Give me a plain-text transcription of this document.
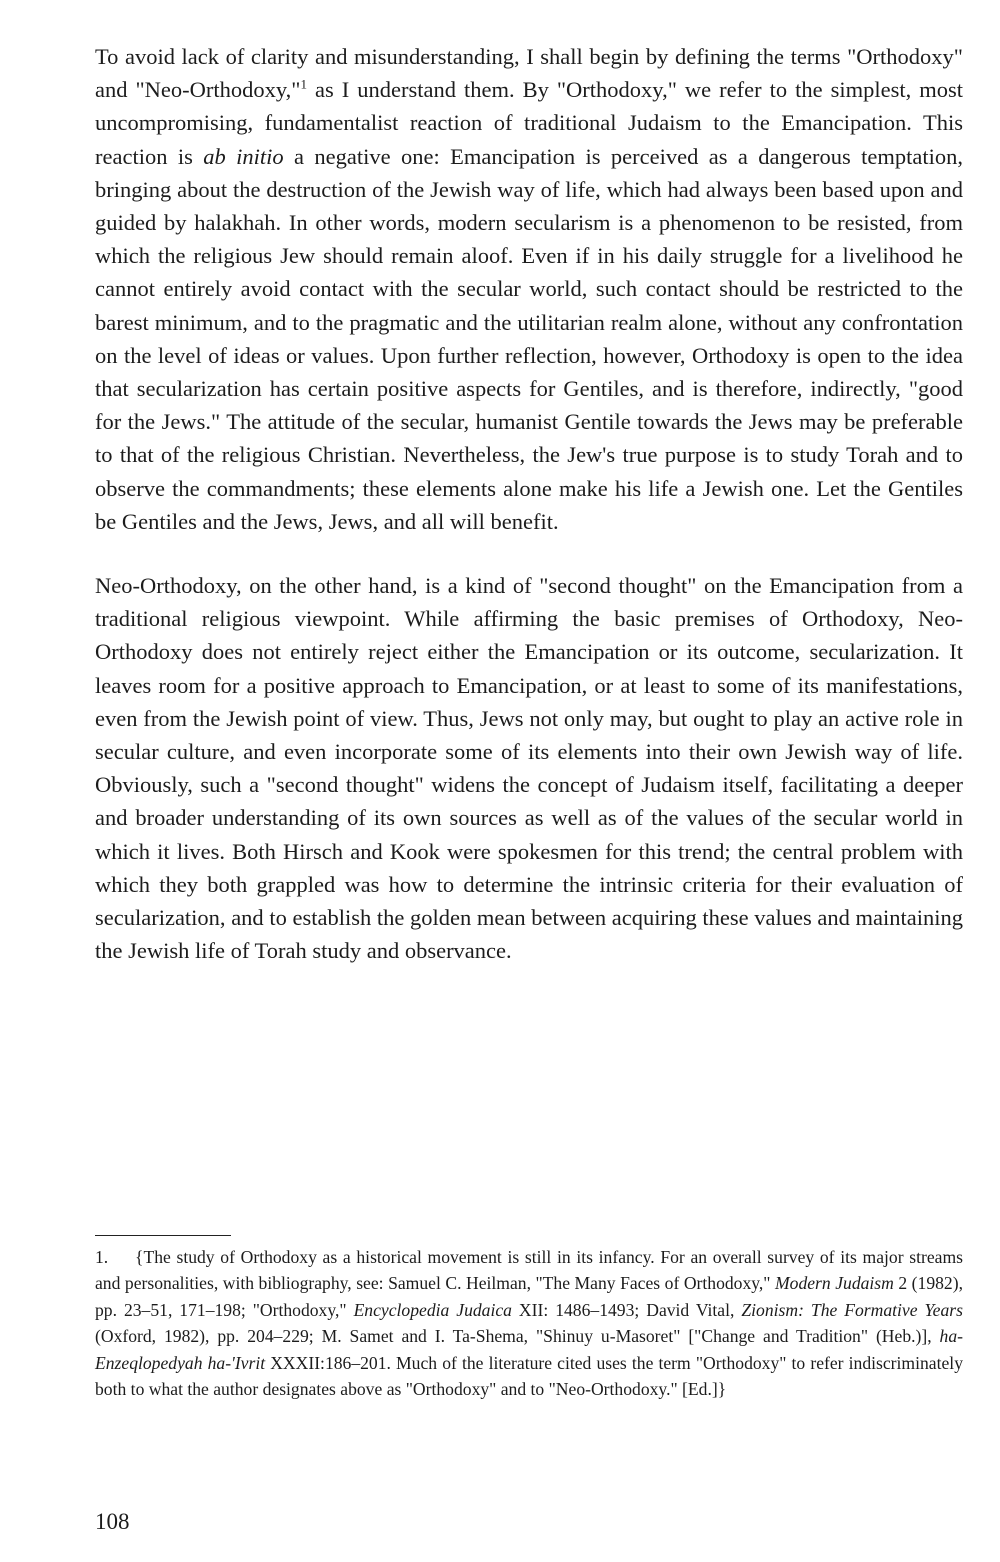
To avoid lack of clarity and misunderstanding, I shall begin by defining the terms "Orthodoxy" and "Neo-Orthodoxy,"$^1$ as I understand them. By "Orthodoxy," we refer to the simplest, most uncompromising, fundamentalist reaction of traditional Judaism to the Emancipation. This reaction is ab initio a negative one: Emancipation is perceived as a dangerous temptation, bringing about the destruction of the Jewish way of life, which had always been based upon and guided by halakhah. In other words, modern secularism is a phenomenon to be resisted, from which the religious Jew should remain aloof. Even if in his daily struggle for a livelihood he cannot entirely avoid contact with the secular world, such contact should be restricted to the barest minimum, and to the pragmatic and the utilitarian realm alone, without any confrontation on the level of ideas or values. Upon further reflection, however, Orthodoxy is open to the idea that secularization has certain positive aspects for Gentiles, and is therefore, indirectly, "good for the Jews." The attitude of the secular, humanist Gentile towards the Jews may be preferable to that of the religious Christian. Nevertheless, the Jew's true purpose is to study Torah and to observe the commandments; these elements alone make his life a Jewish one. Let the Gentiles be Gentiles and the Jews, Jews, and all will benefit.

Neo-Orthodoxy, on the other hand, is a kind of "second thought" on the Emancipation from a traditional religious viewpoint. While affirming the basic premises of Orthodoxy, Neo-Orthodoxy does not entirely reject either the Emancipation or its outcome, secularization. It leaves room for a positive approach to Emancipation, or at least to some of its manifestations, even from the Jewish point of view. Thus, Jews not only may, but ought to play an active role in secular culture, and even incorporate some of its elements into their own Jewish way of life. Obviously, such a "second thought" widens the concept of Judaism itself, facilitating a deeper and broader understanding of its own sources as well as of the values of the secular world in which it lives. Both Hirsch and Kook were spokesmen for this trend; the central problem with which they both grappled was how to determine the intrinsic criteria for their evaluation of secularization, and to establish the golden mean between acquiring these values and maintaining the Jewish life of Torah study and observance.

1. {The study of Orthodoxy as a historical movement is still in its infancy. For an overall survey of its major streams and personalities, with bibliography, see: Samuel C. Heilman, "The Many Faces of Orthodoxy," Modern Judaism 2 (1982), pp. 23–51, 171–198; "Orthodoxy," Encyclopedia Judaica XII: 1486–1493; David Vital, Zionism: The Formative Years (Oxford, 1982), pp. 204–229; M. Samet and I. Ta-Shema, "Shinuy u-Masoret" ["Change and Tradition" (Heb.)], ha-Enzeqlopedyah ha-'Ivrit XXXII:186–201. Much of the literature cited uses the term "Orthodoxy" to refer indiscriminately both to what the author designates above as "Orthodoxy" and to "Neo-Orthodoxy." [Ed.]}

108
